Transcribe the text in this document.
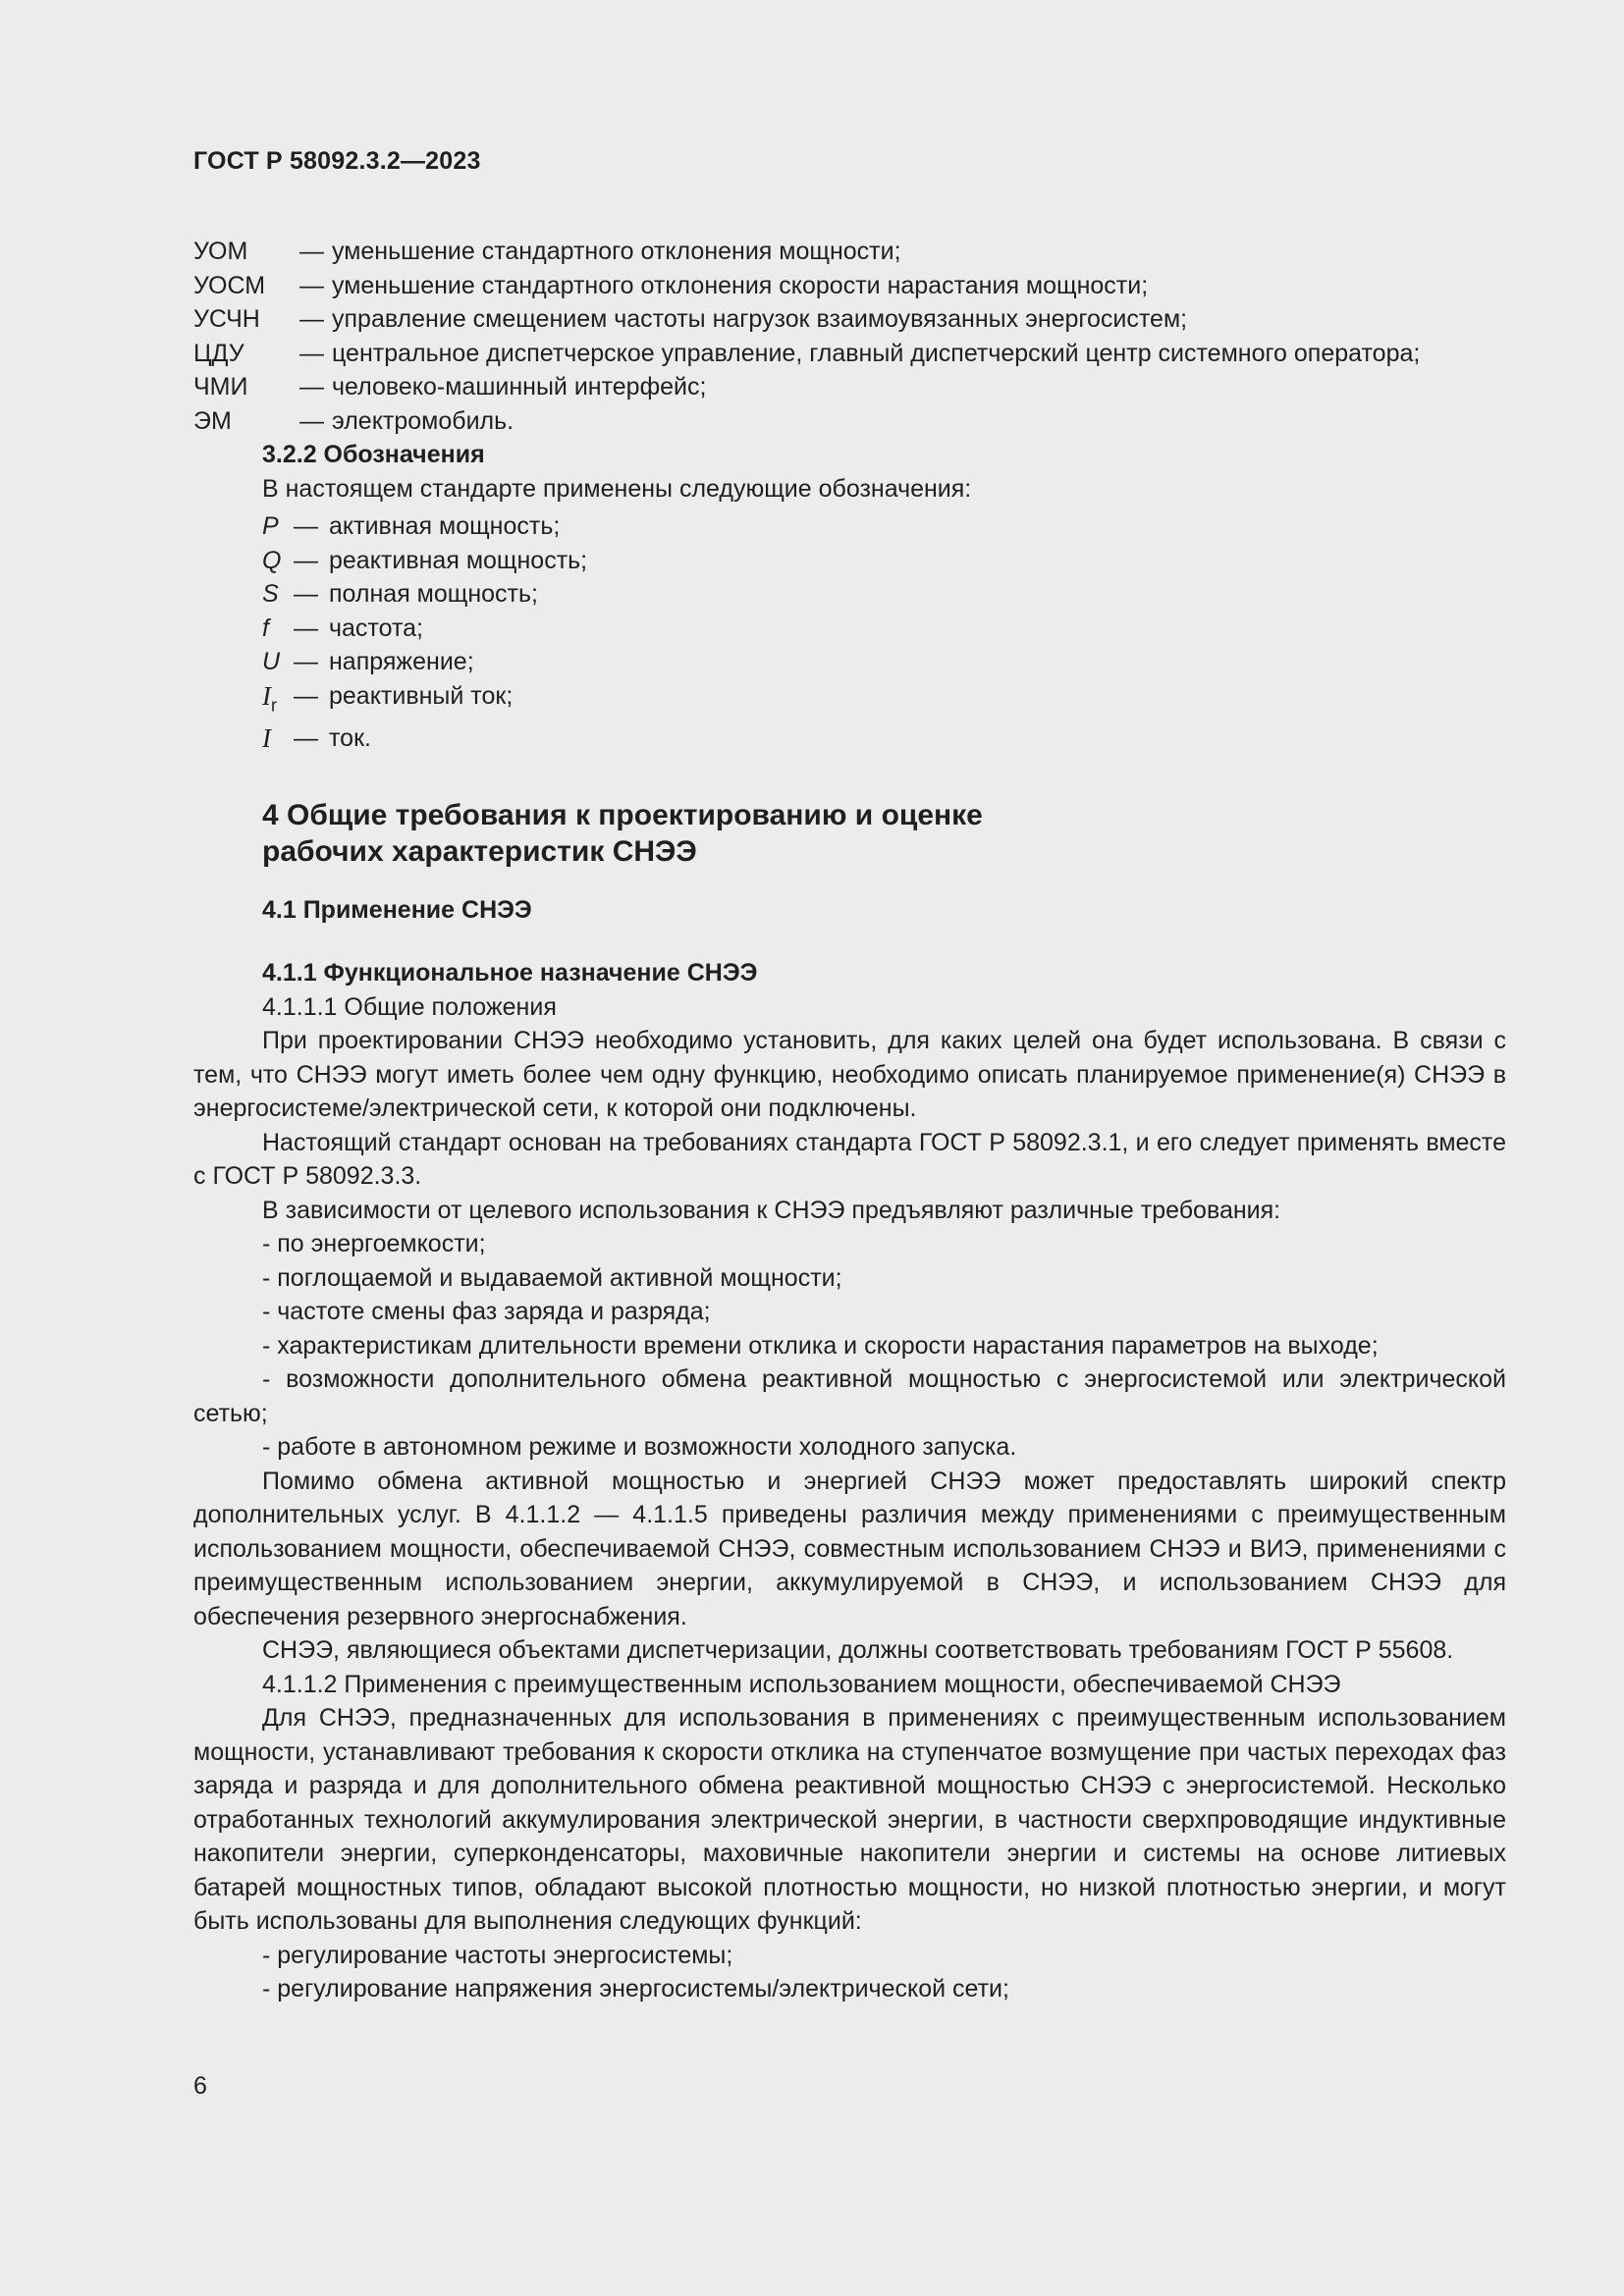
ГОСТ Р 58092.3.2—2023
УОМ	— уменьшение стандартного отклонения мощности;
УОСМ	— уменьшение стандартного отклонения скорости нарастания мощности;
УСЧН	— управление смещением частоты нагрузок взаимоувязанных энергосистем;
ЦДУ	— центральное диспетчерское управление, главный диспетчерский центр системного оператора;
ЧМИ	— человеко-машинный интерфейс;
ЭМ	— электромобиль.
3.2.2 Обозначения
В настоящем стандарте применены следующие обозначения:
P — активная мощность;
Q — реактивная мощность;
S — полная мощность;
f	— частота;
U — напряжение;
$I_r$ — реактивный ток;
I — ток.
4 Общие требования к проектированию и оценке
рабочих характеристик СНЭЭ
4.1 Применение СНЭЭ
4.1.1 Функциональное назначение СНЭЭ
4.1.1.1 Общие положения

При проектировании СНЭЭ необходимо установить, для каких целей она будет использована. В связи с тем, что СНЭЭ могут иметь более чем одну функцию, необходимо описать планируемое применение(я) СНЭЭ в энергосистеме/электрической сети, к которой они подключены.

Настоящий стандарт основан на требованиях стандарта ГОСТ Р 58092.3.1, и его следует применять вместе с ГОСТ Р 58092.3.3.

В зависимости от целевого использования к СНЭЭ предъявляют различные требования:

- по энергоемкости;

- поглощаемой и выдаваемой активной мощности;

- частоте смены фаз заряда и разряда;

- характеристикам длительности времени отклика и скорости нарастания параметров на выходе;

- возможности дополнительного обмена реактивной мощностью с энергосистемой или электрической сетью;

- работе в автономном режиме и возможности холодного запуска.

Помимо обмена активной мощностью и энергией СНЭЭ может предоставлять широкий спектр дополнительных услуг. В 4.1.1.2 — 4.1.1.5 приведены различия между применениями с преимущественным использованием мощности, обеспечиваемой СНЭЭ, совместным использованием СНЭЭ и ВИЭ, применениями с преимущественным использованием энергии, аккумулируемой в СНЭЭ, и использованием СНЭЭ для обеспечения резервного энергоснабжения.

СНЭЭ, являющиеся объектами диспетчеризации, должны соответствовать требованиям ГОСТ Р 55608.

4.1.1.2 Применения с преимущественным использованием мощности, обеспечиваемой СНЭЭ

Для СНЭЭ, предназначенных для использования в применениях с преимущественным использованием мощности, устанавливают требования к скорости отклика на ступенчатое возмущение при частых переходах фаз заряда и разряда и для дополнительного обмена реактивной мощностью СНЭЭ с энергосистемой. Несколько отработанных технологий аккумулирования электрической энергии, в частности сверхпроводящие индуктивные накопители энергии, суперконденсаторы, маховичные накопители энергии и системы на основе литиевых батарей мощностных типов, обладают высокой плотностью мощности, но низкой плотностью энергии, и могут быть использованы для выполнения следующих функций:

- регулирование частоты энергосистемы;

- регулирование напряжения энергосистемы/электрической сети;

6
